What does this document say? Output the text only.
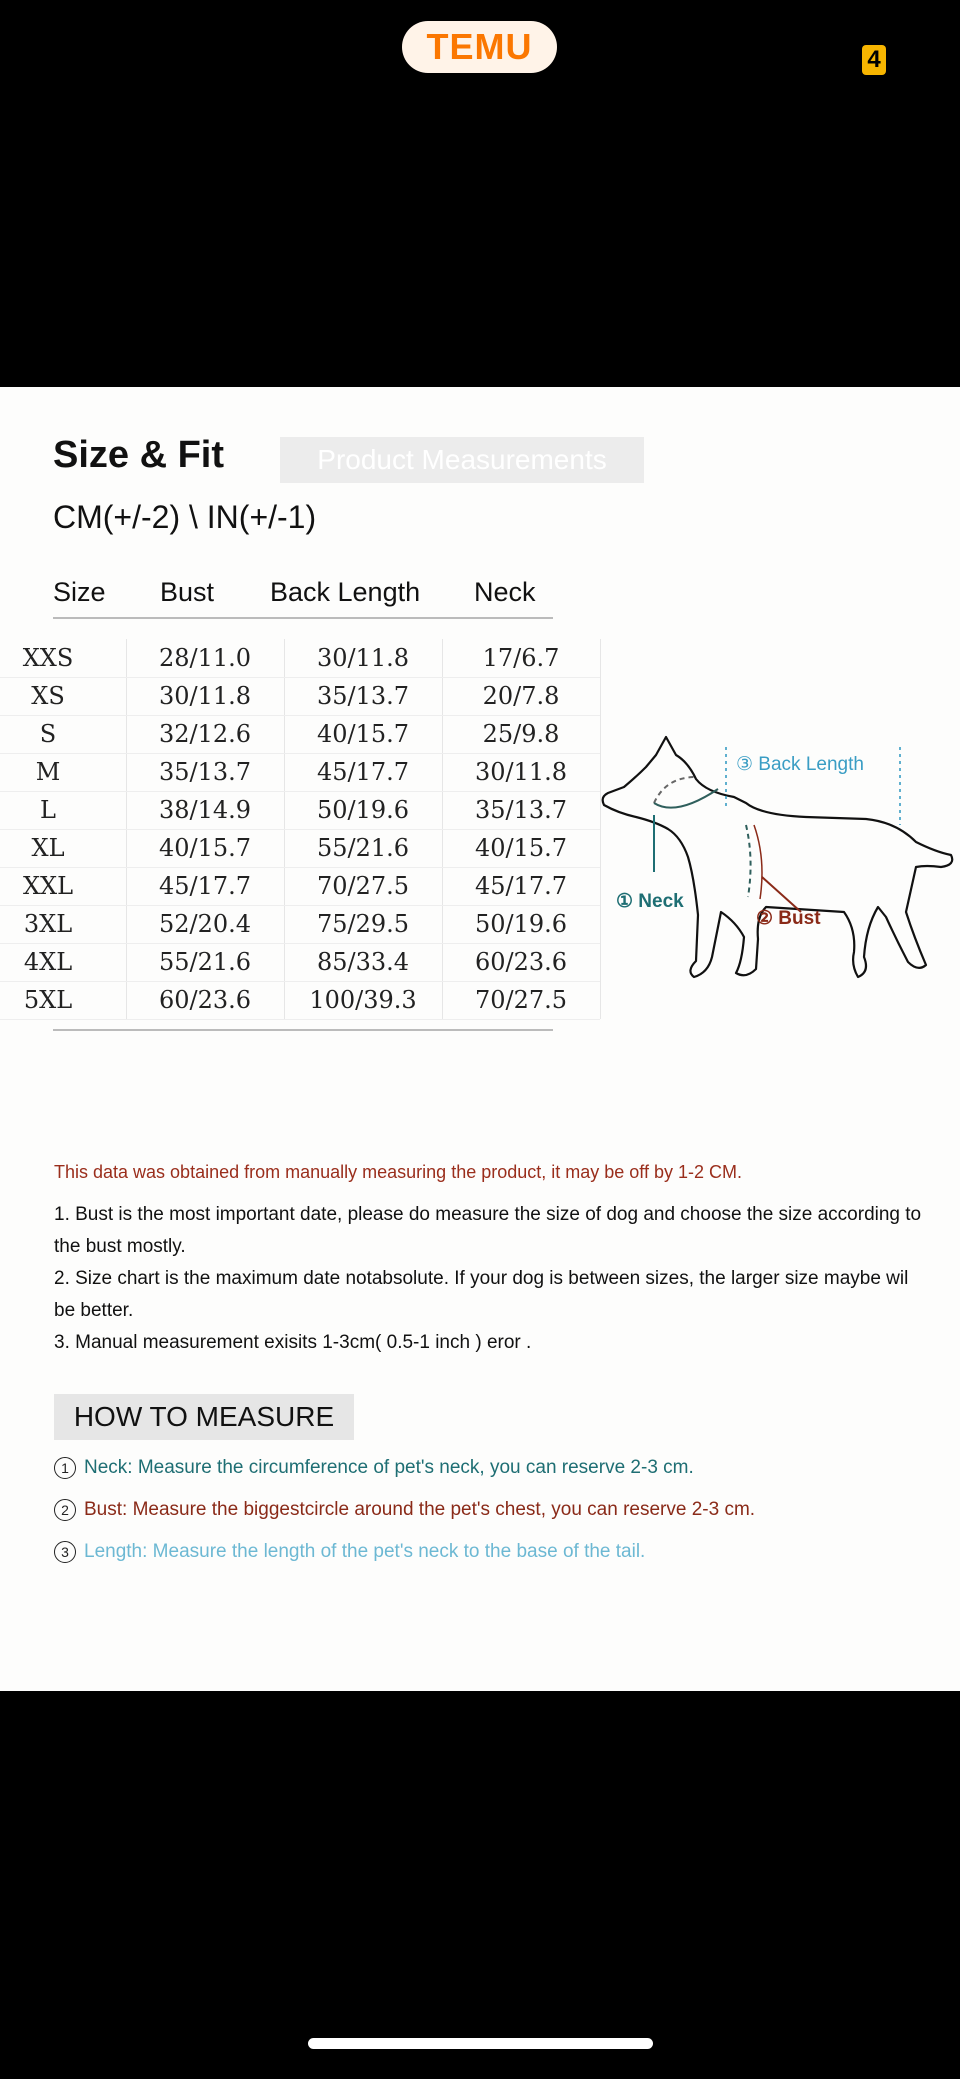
TEMU	4
Size & Fit	Product Measurements
CM(+/-2) \ IN(+/-1)
Size Bust Back Length Neck
XXS	28/11.0	30/11.8	17/6.7
XS	30/11.8	35/13.7	20/7.8
S	32/12.6	40/15.7	25/9.8
M	35/13.7	45/17.7	30/11.8
L	38/14.9	50/19.6	35/13.7
XL	40/15.7	55/21.6	40/15.7
XXL	45/17.7	70/27.5	45/17.7
3XL	52/20.4	75/29.5	50/19.6
4XL	55/21.6	85/33.4	60/23.6
5XL	60/23.6	100/39.3	70/27.5
③ Back Length
① Neck
② Bust
This data was obtained from manually measuring the product, it may be off by 1-2 CM.
1. Bust is the most important date, please do measure the size of dog and choose the size according to the bust mostly.
2. Size chart is the maximum date notabsolute. If your dog is between sizes, the larger size maybe wil be better.
3. Manual measurement exisits 1-3cm( 0.5-1 inch ) eror .
HOW TO MEASURE
1 Neck: Measure the circumference of pet's neck, you can reserve 2-3 cm.
2 Bust: Measure the biggestcircle around the pet's chest, you can reserve 2-3 cm.
3 Length: Measure the length of the pet's neck to the base of the tail.
